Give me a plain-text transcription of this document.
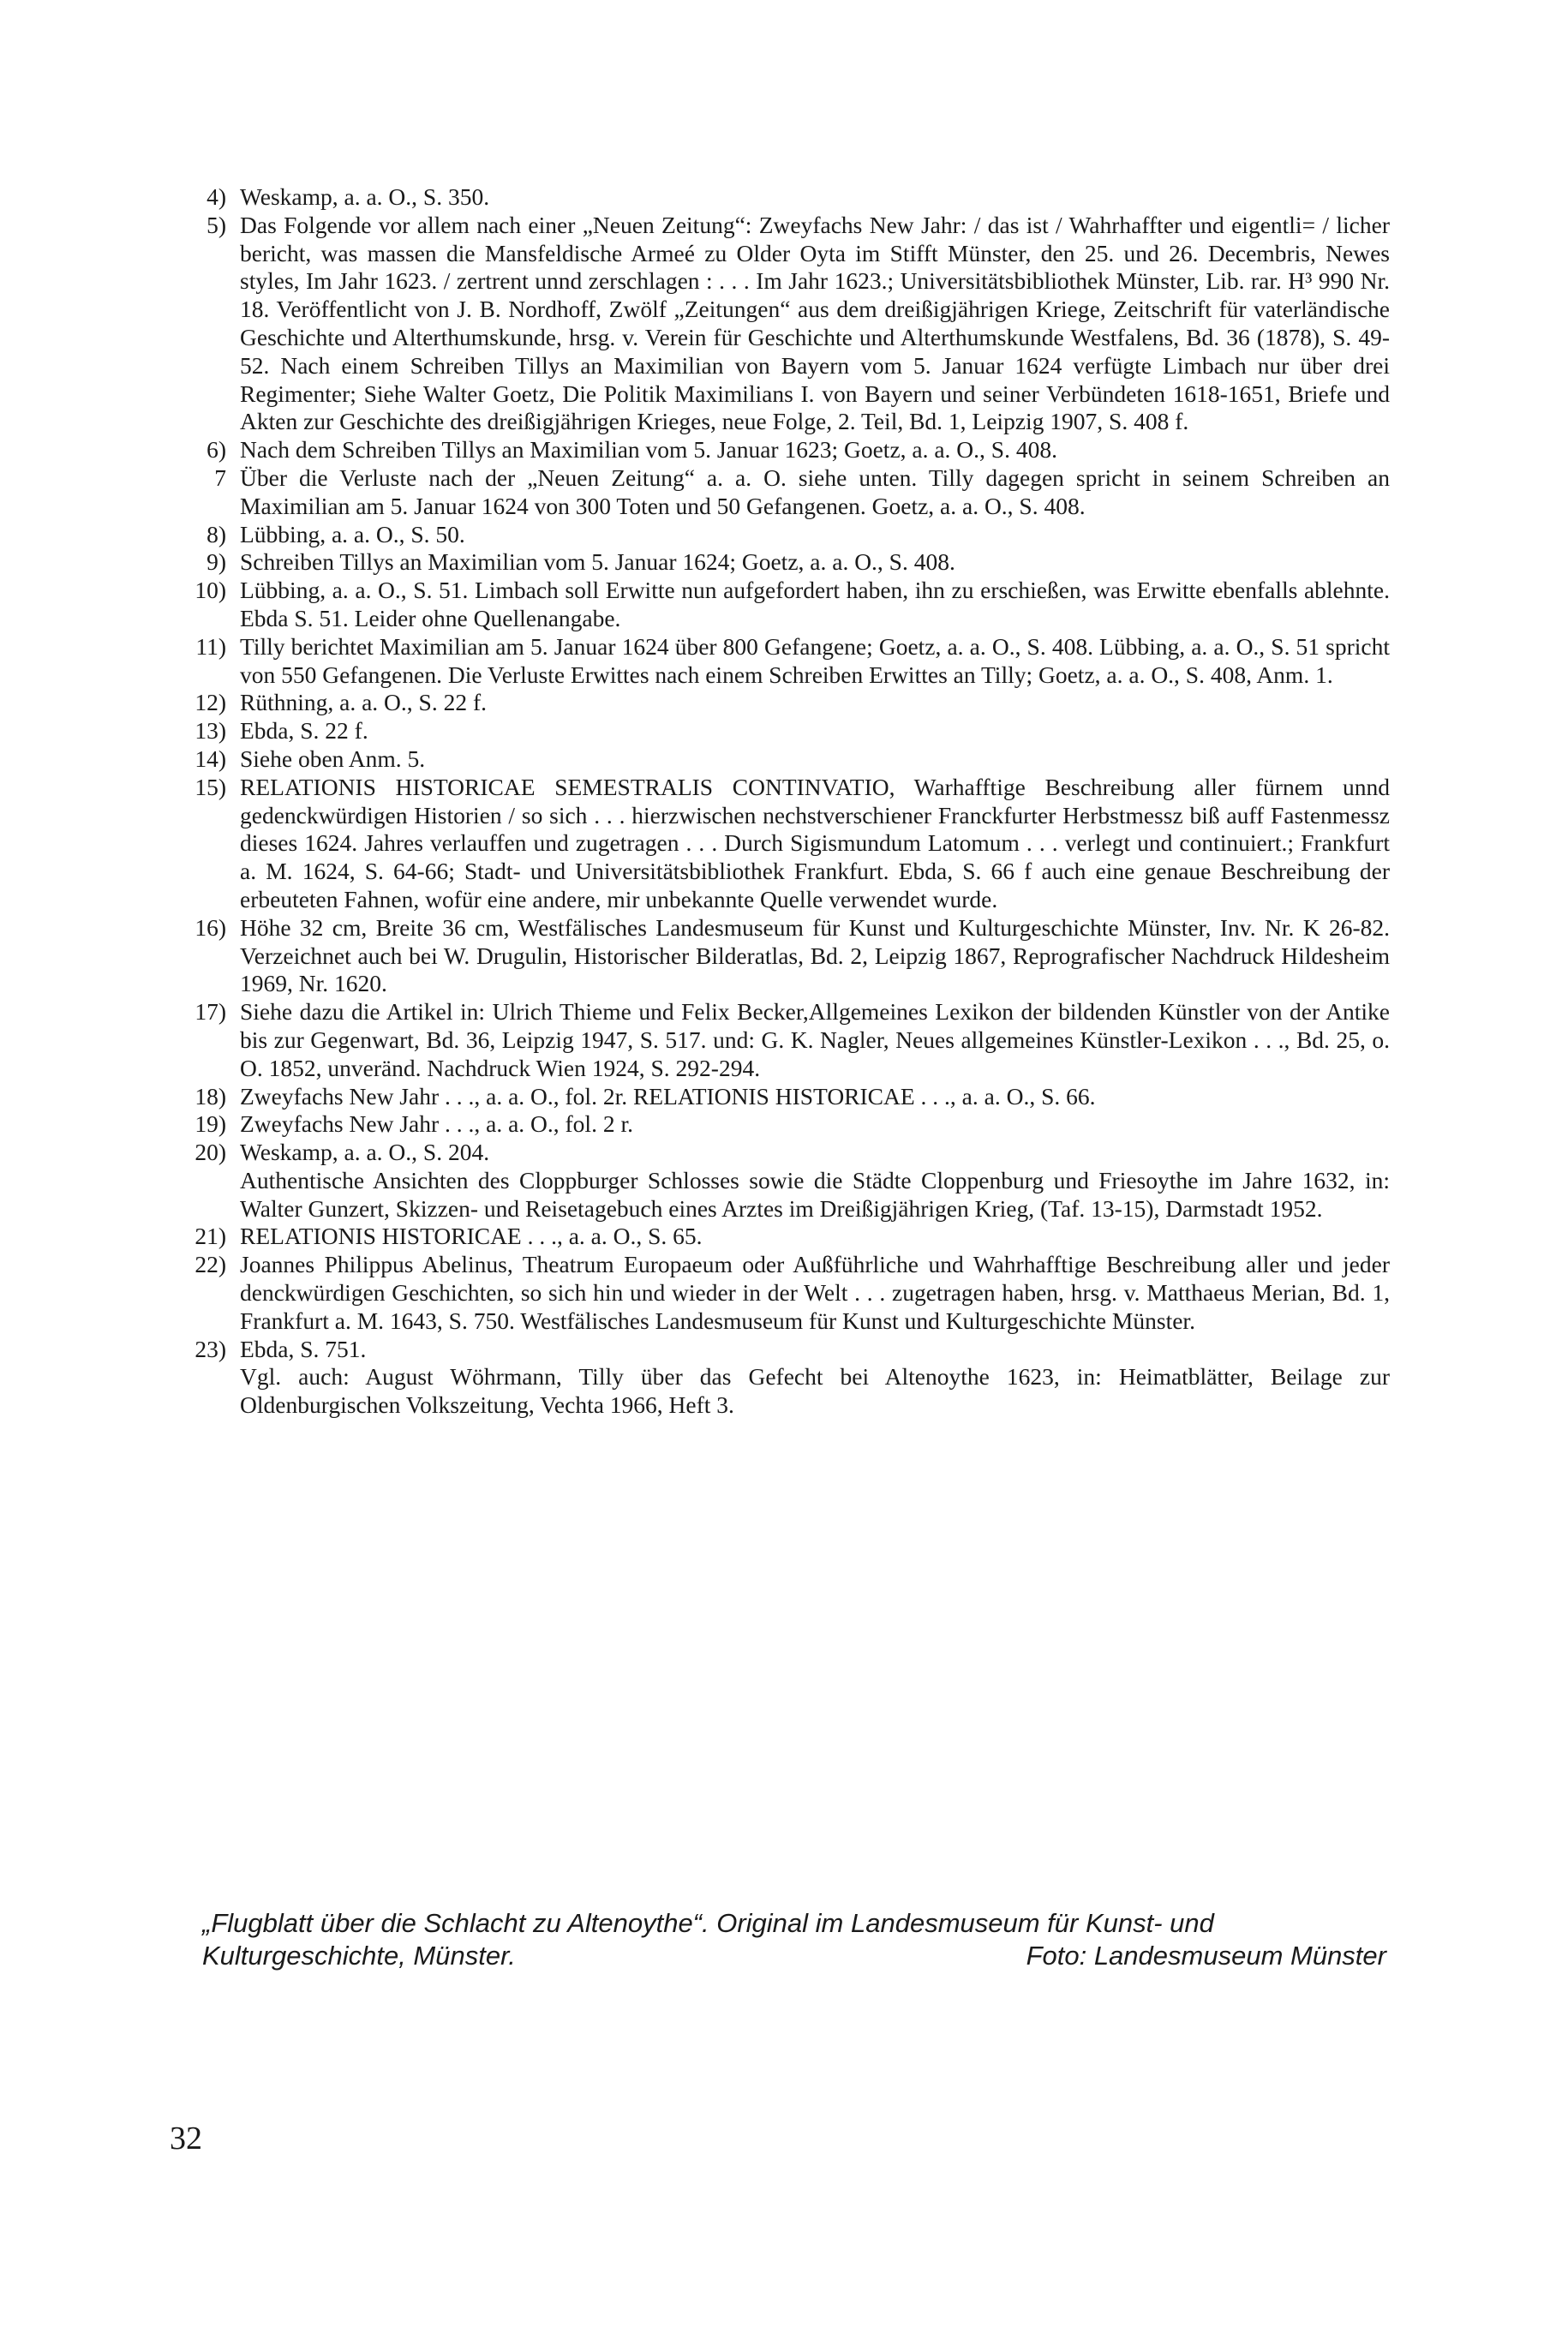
4) Weskamp, a. a. O., S. 350.

5) Das Folgende vor allem nach einer „Neuen Zeitung“: Zweyfachs New Jahr: / das ist / Wahrhaffter und eigentli= / licher bericht, was massen die Mansfeldische Armeé zu Older Oyta im Stifft Münster, den 25. und 26. Decembris, Newes styles, Im Jahr 1623. / zertrent unnd zerschlagen : . . . Im Jahr 1623.; Universitätsbibliothek Münster, Lib. rar. H³ 990 Nr. 18. Veröffentlicht von J. B. Nordhoff, Zwölf „Zeitungen“ aus dem dreißigjährigen Kriege, Zeitschrift für vaterländische Geschichte und Alterthumskunde, hrsg. v. Verein für Geschichte und Alterthumskunde Westfalens, Bd. 36 (1878), S. 49-52. Nach einem Schreiben Tillys an Maximilian von Bayern vom 5. Januar 1624 verfügte Limbach nur über drei Regimenter; Siehe Walter Goetz, Die Politik Maximilians I. von Bayern und seiner Verbündeten 1618-1651, Briefe und Akten zur Geschichte des dreißigjährigen Krieges, neue Folge, 2. Teil, Bd. 1, Leipzig 1907, S. 408 f.

6) Nach dem Schreiben Tillys an Maximilian vom 5. Januar 1623; Goetz, a. a. O., S. 408.

7 Über die Verluste nach der „Neuen Zeitung“ a. a. O. siehe unten. Tilly dagegen spricht in seinem Schreiben an Maximilian am 5. Januar 1624 von 300 Toten und 50 Gefangenen. Goetz, a. a. O., S. 408.

8) Lübbing, a. a. O., S. 50.

9) Schreiben Tillys an Maximilian vom 5. Januar 1624; Goetz, a. a. O., S. 408.

10) Lübbing, a. a. O., S. 51. Limbach soll Erwitte nun aufgefordert haben, ihn zu erschießen, was Erwitte ebenfalls ablehnte. Ebda S. 51. Leider ohne Quellenangabe.

11) Tilly berichtet Maximilian am 5. Januar 1624 über 800 Gefangene; Goetz, a. a. O., S. 408. Lübbing, a. a. O., S. 51 spricht von 550 Gefangenen. Die Verluste Erwittes nach einem Schreiben Erwittes an Tilly; Goetz, a. a. O., S. 408, Anm. 1.

12) Rüthning, a. a. O., S. 22 f.

13) Ebda, S. 22 f.

14) Siehe oben Anm. 5.

15) RELATIONIS HISTORICAE SEMESTRALIS CONTINVATIO, Warhafftige Beschreibung aller fürnem unnd gedenckwürdigen Historien / so sich . . . hierzwischen nechstverschiener Franckfurter Herbstmessz biß auff Fastenmessz dieses 1624. Jahres verlauffen und zugetragen . . . Durch Sigismundum Latomum . . . verlegt und continuiert.; Frankfurt a. M. 1624, S. 64-66; Stadt- und Universitätsbibliothek Frankfurt. Ebda, S. 66 f auch eine genaue Beschreibung der erbeuteten Fahnen, wofür eine andere, mir unbekannte Quelle verwendet wurde.

16) Höhe 32 cm, Breite 36 cm, Westfälisches Landesmuseum für Kunst und Kulturgeschichte Münster, Inv. Nr. K 26-82. Verzeichnet auch bei W. Drugulin, Historischer Bilderatlas, Bd. 2, Leipzig 1867, Reprografischer Nachdruck Hildesheim 1969, Nr. 1620.

17) Siehe dazu die Artikel in: Ulrich Thieme und Felix Becker,Allgemeines Lexikon der bildenden Künstler von der Antike bis zur Gegenwart, Bd. 36, Leipzig 1947, S. 517. und: G. K. Nagler, Neues allgemeines Künstler-Lexikon . . ., Bd. 25, o. O. 1852, unveränd. Nachdruck Wien 1924, S. 292-294.

18) Zweyfachs New Jahr . . ., a. a. O., fol. 2r. RELATIONIS HISTORICAE . . ., a. a. O., S. 66.

19) Zweyfachs New Jahr . . ., a. a. O., fol. 2 r.

20) Weskamp, a. a. O., S. 204.

Authentische Ansichten des Cloppburger Schlosses sowie die Städte Cloppenburg und Friesoythe im Jahre 1632, in: Walter Gunzert, Skizzen- und Reisetagebuch eines Arztes im Dreißigjährigen Krieg, (Taf. 13-15), Darmstadt 1952.

21) RELATIONIS HISTORICAE . . ., a. a. O., S. 65.

22) Joannes Philippus Abelinus, Theatrum Europaeum oder Außführliche und Wahrhafftige Beschreibung aller und jeder denckwürdigen Geschichten, so sich hin und wieder in der Welt . . . zugetragen haben, hrsg. v. Matthaeus Merian, Bd. 1, Frankfurt a. M. 1643, S. 750. Westfälisches Landesmuseum für Kunst und Kulturgeschichte Münster.

23) Ebda, S. 751.

Vgl. auch: August Wöhrmann, Tilly über das Gefecht bei Altenoythe 1623, in: Heimatblätter, Beilage zur Oldenburgischen Volkszeitung, Vechta 1966, Heft 3.

„Flugblatt über die Schlacht zu Altenoythe“. Original im Landesmuseum für Kunst- und
Kulturgeschichte, Münster.	Foto: Landesmuseum Münster
32
